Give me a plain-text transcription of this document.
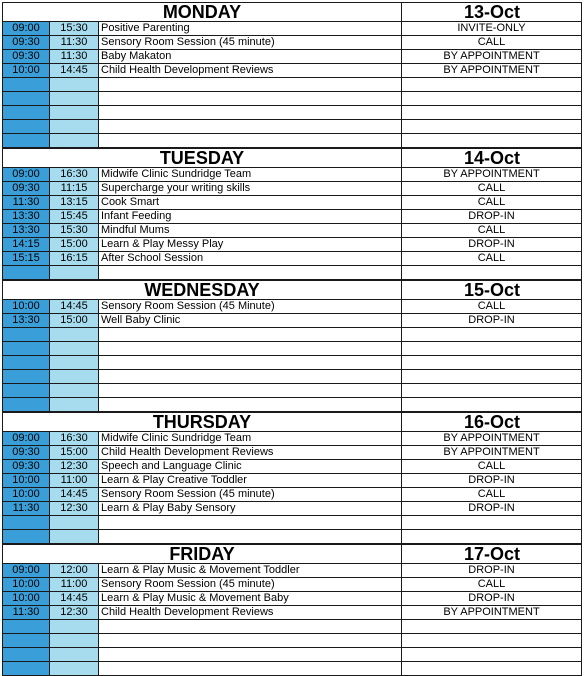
MONDAY	13-Oct
09:00	15:30	Positive Parenting	INVITE-ONLY
09:30	11:30	Sensory Room Session (45 minute)	CALL
09:30	11:30	Baby Makaton	BY APPOINTMENT
10:00	14:45	Child Health Development Reviews	BY APPOINTMENT
TUESDAY	14-Oct
09:00	16:30	Midwife Clinic Sundridge Team	BY APPOINTMENT
09:30	11:15	Supercharge your writing skills	CALL
11:30	13:15	Cook Smart	CALL
13:30	15:45	Infant Feeding	DROP-IN
13:30	15:30	Mindful Mums	CALL
14:15	15:00	Learn & Play Messy Play	DROP-IN
15:15	16:15	After School Session	CALL
WEDNESDAY	15-Oct
10:00	14:45	Sensory Room Session (45 Minute)	CALL
13:30	15:00	Well Baby Clinic	DROP-IN
THURSDAY	16-Oct
09:00	16:30	Midwife Clinic Sundridge Team	BY APPOINTMENT
09:30	15:00	Child Health Development Reviews	BY APPOINTMENT
09:30	12:30	Speech and Language Clinic	CALL
10:00	11:00	Learn & Play Creative Toddler	DROP-IN
10:00	14:45	Sensory Room Session (45 minute)	CALL
11:30	12:30	Learn & Play Baby Sensory	DROP-IN
FRIDAY	17-Oct
09:00	12:00	Learn & Play Music & Movement Toddler	DROP-IN
10:00	11:00	Sensory Room Session (45 minute)	CALL
10:00	14:45	Learn & Play Music & Movement Baby	DROP-IN
11:30	12:30	Child Health Development Reviews	BY APPOINTMENT
